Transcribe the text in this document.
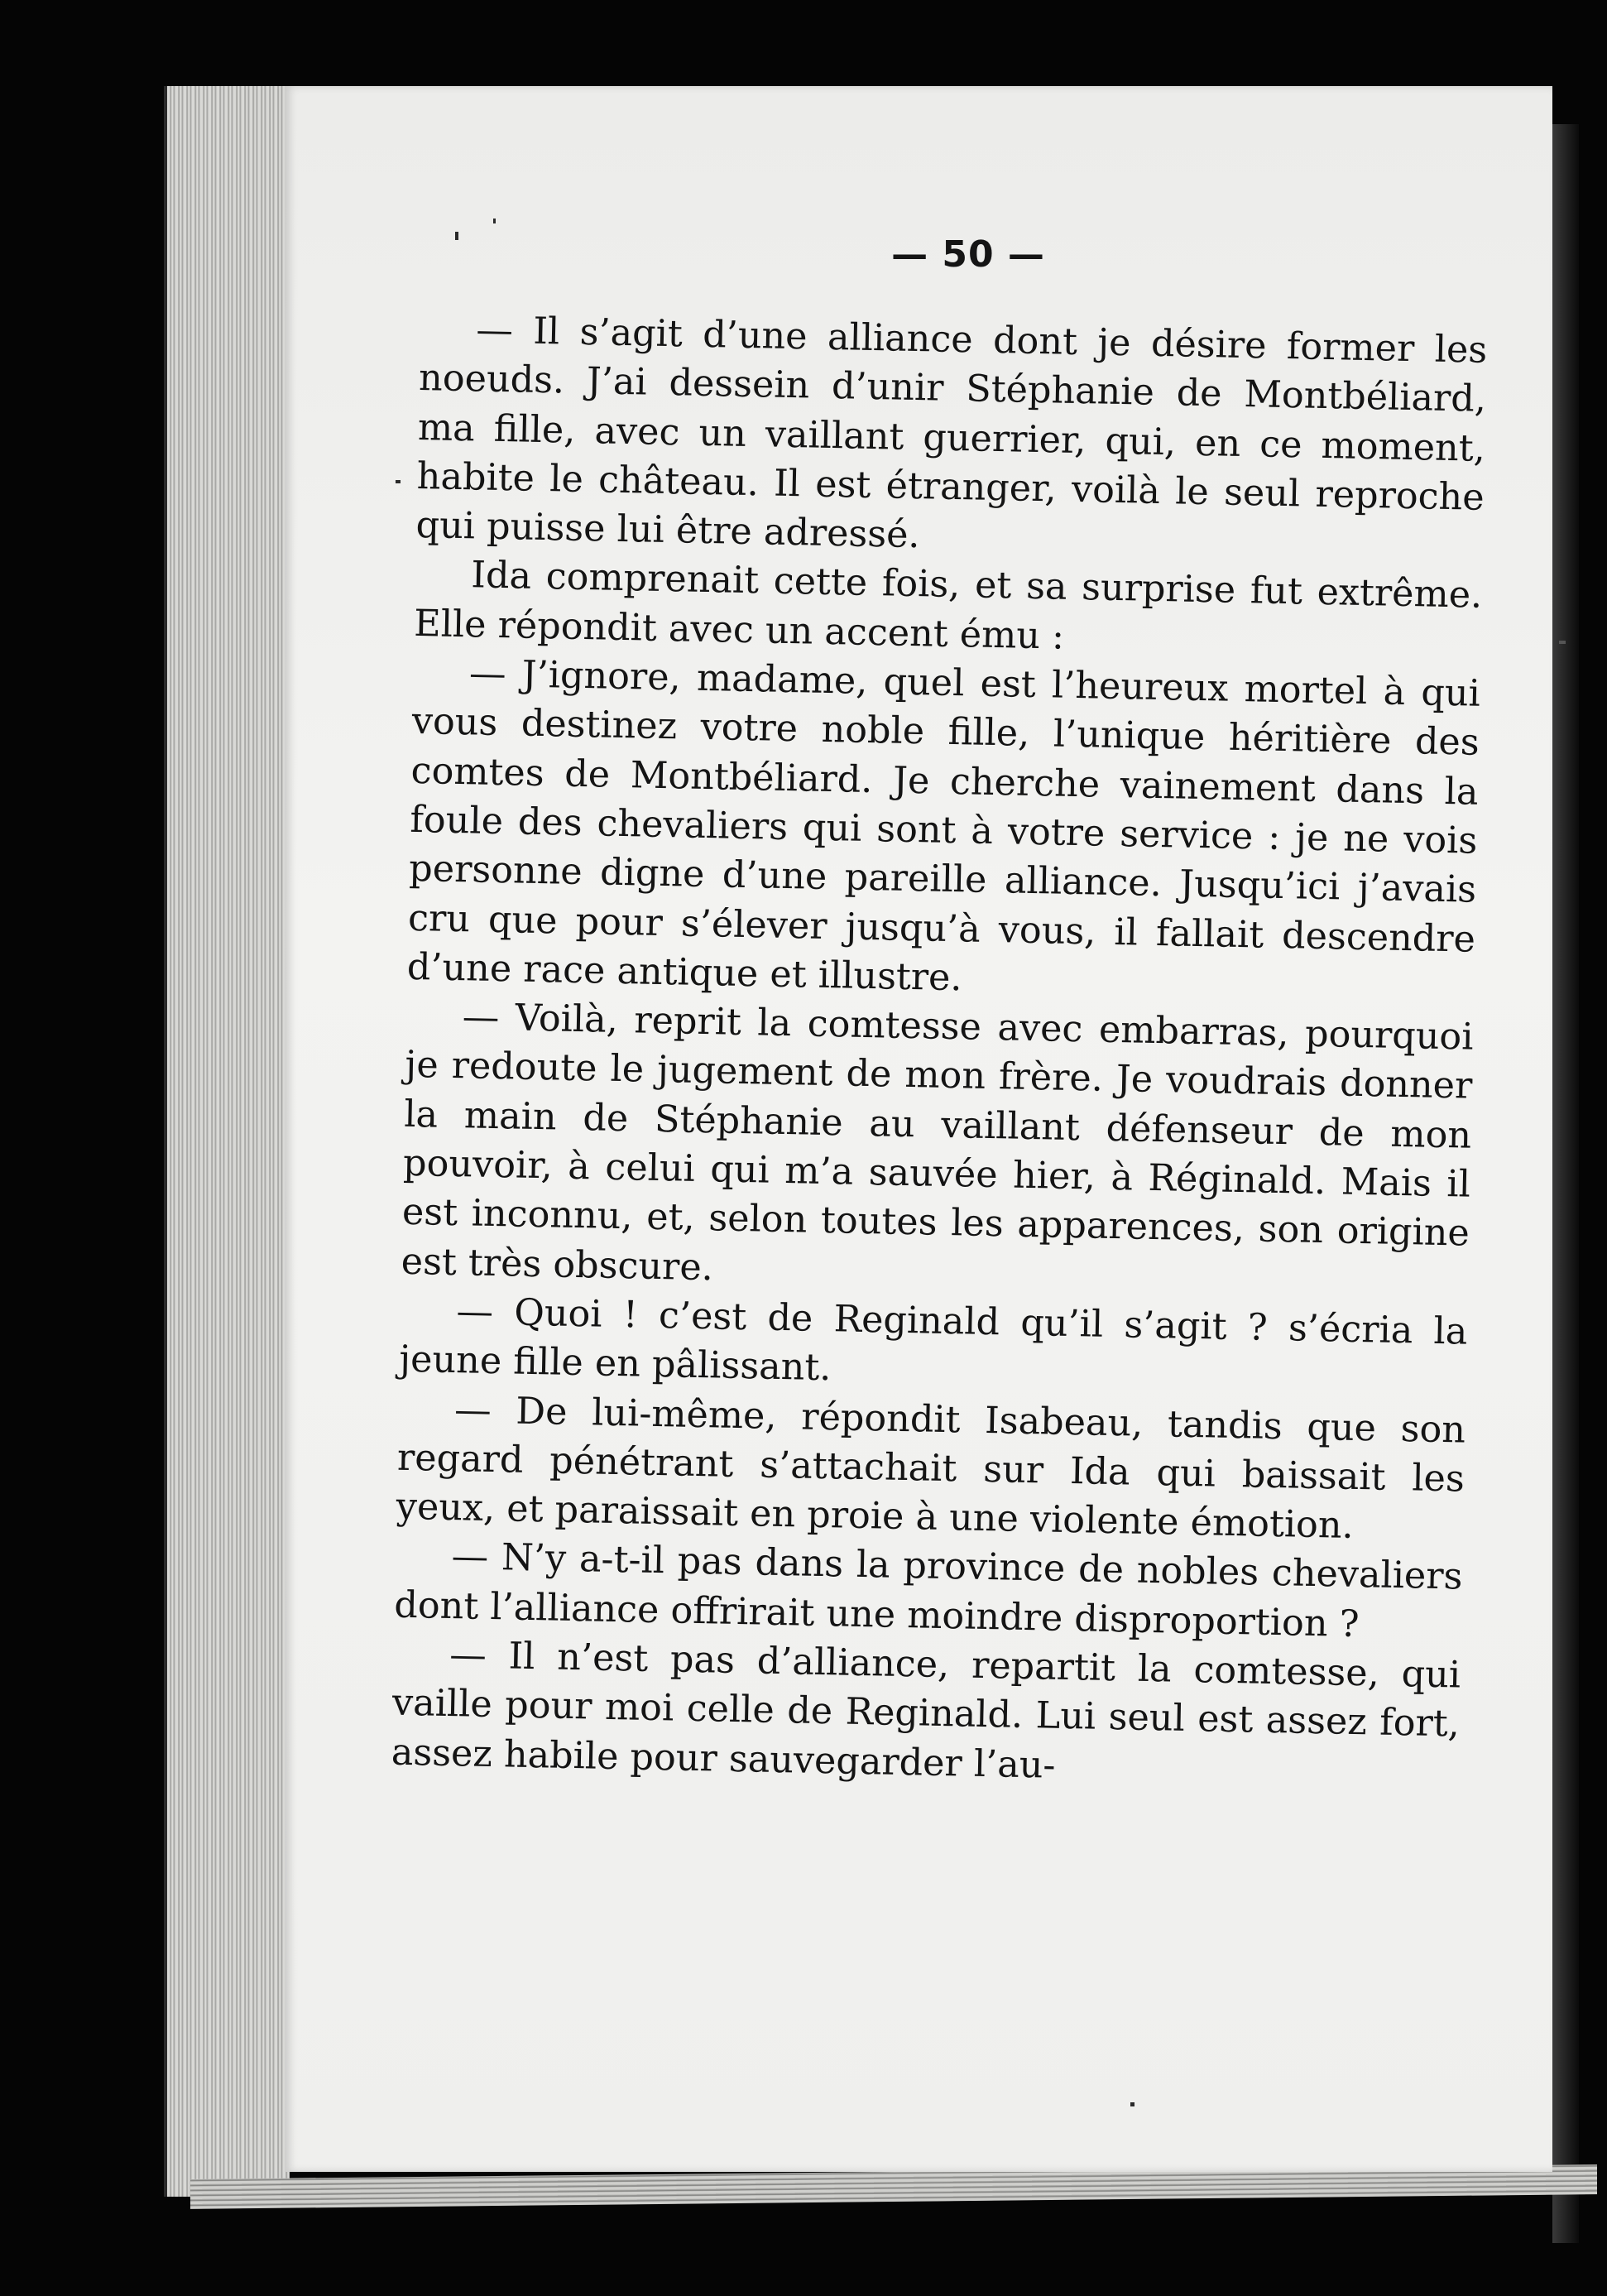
— 50 —

— Il s’agit d’une alliance dont je désire former les noeuds. J’ai dessein d’unir Stéphanie de Montbéliard, ma fille, avec un vaillant guerrier, qui, en ce moment, habite le château. Il est étranger, voilà le seul reproche qui puisse lui être adressé.

Ida comprenait cette fois, et sa surprise fut extrême. Elle répondit avec un accent ému :

— J’ignore, madame, quel est l’heureux mortel à qui vous destinez votre noble fille, l’unique héritière des comtes de Montbéliard. Je cherche vainement dans la foule des chevaliers qui sont à votre service : je ne vois personne digne d’une pareille alliance. Jusqu’ici j’avais cru que pour s’élever jusqu’à vous, il fallait descendre d’une race antique et illustre.

— Voilà, reprit la comtesse avec embarras, pourquoi je redoute le jugement de mon frère. Je voudrais donner la main de Stéphanie au vaillant défenseur de mon pouvoir, à celui qui m’a sauvée hier, à Réginald. Mais il est inconnu, et, selon toutes les apparences, son origine est très obscure.

— Quoi ! c’est de Reginald qu’il s’agit ? s’écria la jeune fille en pâlissant.

— De lui-même, répondit Isabeau, tandis que son regard pénétrant s’attachait sur Ida qui baissait les yeux, et paraissait en proie à une violente émotion.

— N’y a-t-il pas dans la province de nobles chevaliers dont l’alliance offrirait une moindre disproportion ?

— Il n’est pas d’alliance, repartit la comtesse, qui vaille pour moi celle de Reginald. Lui seul est assez fort, assez habile pour sauvegarder l’au-
